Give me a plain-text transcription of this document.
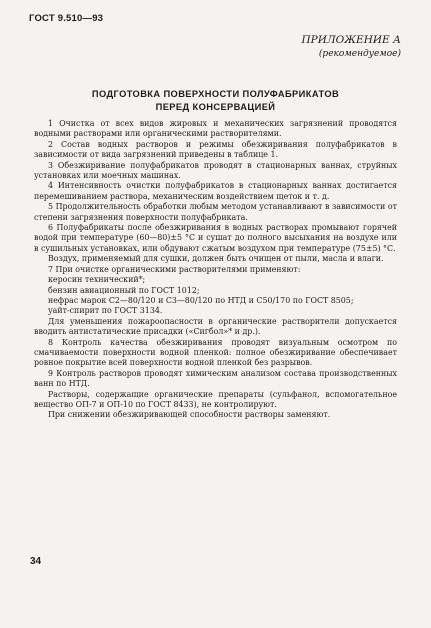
ГОСТ 9.510—93
ПРИЛОЖЕНИЕ А
(рекомендуемое)
ПОДГОТОВКА ПОВЕРХНОСТИ ПОЛУФАБРИКАТОВ
ПЕРЕД КОНСЕРВАЦИЕЙ

1 Очистка от всех видов жировых и механических загрязнений проводятся водными растворами или органическими растворителями.

2 Состав водных растворов и режимы обезжиривания полуфабрикатов в зависимости от вида загрязнений приведены в таблице 1.

3 Обезжиривание полуфабрикатов проводят в стационарных ваннах, струйных установках или моечных машинах.

4 Интенсивность очистки полуфабрикатов в стационарных ваннах достигается перемешиванием раствора, механическим воздействием щеток и т. д.

5 Продолжительность обработки любым методом устанавливают в зависимости от степени загрязнения поверхности полуфабриката.

6 Полуфабрикаты после обезжиривания в водных растворах промывают горячей водой при температуре (60—80)±5 °С и сушат до полного высыхания на воздухе или в сушильных установках, или обдувают сжатым воздухом при температуре (75±5) °С.

Воздух, применяемый для сушки, должен быть очищен от пыли, масла и влаги.

7 При очистке органическими растворителями применяют:

керосин технический*;

бензин авиационный по ГОСТ 1012;

нефрас марок С2—80/120 и С3—80/120 по НТД и С50/170 по ГОСТ 8505;

уайт-спирит по ГОСТ 3134.

Для уменьшения пожароопасности в органические растворители допускается вводить антистатические присадки («Сигбол»* и др.).

8 Контроль качества обезжиривания проводят визуальным осмотром по смачиваемости поверхности водной пленкой: полное обезжиривание обеспечивает ровное покрытие всей поверхности водной пленкой без разрывов.

9 Контроль растворов проводят химическим анализом состава производственных ванн по НТД.

Растворы, содержащие органические препараты (сульфанол, вспомогательное вещество ОП-7 и ОП-10 по ГОСТ 8433), не контролируют.

При снижении обезжиривающей способности растворы заменяют.

34
